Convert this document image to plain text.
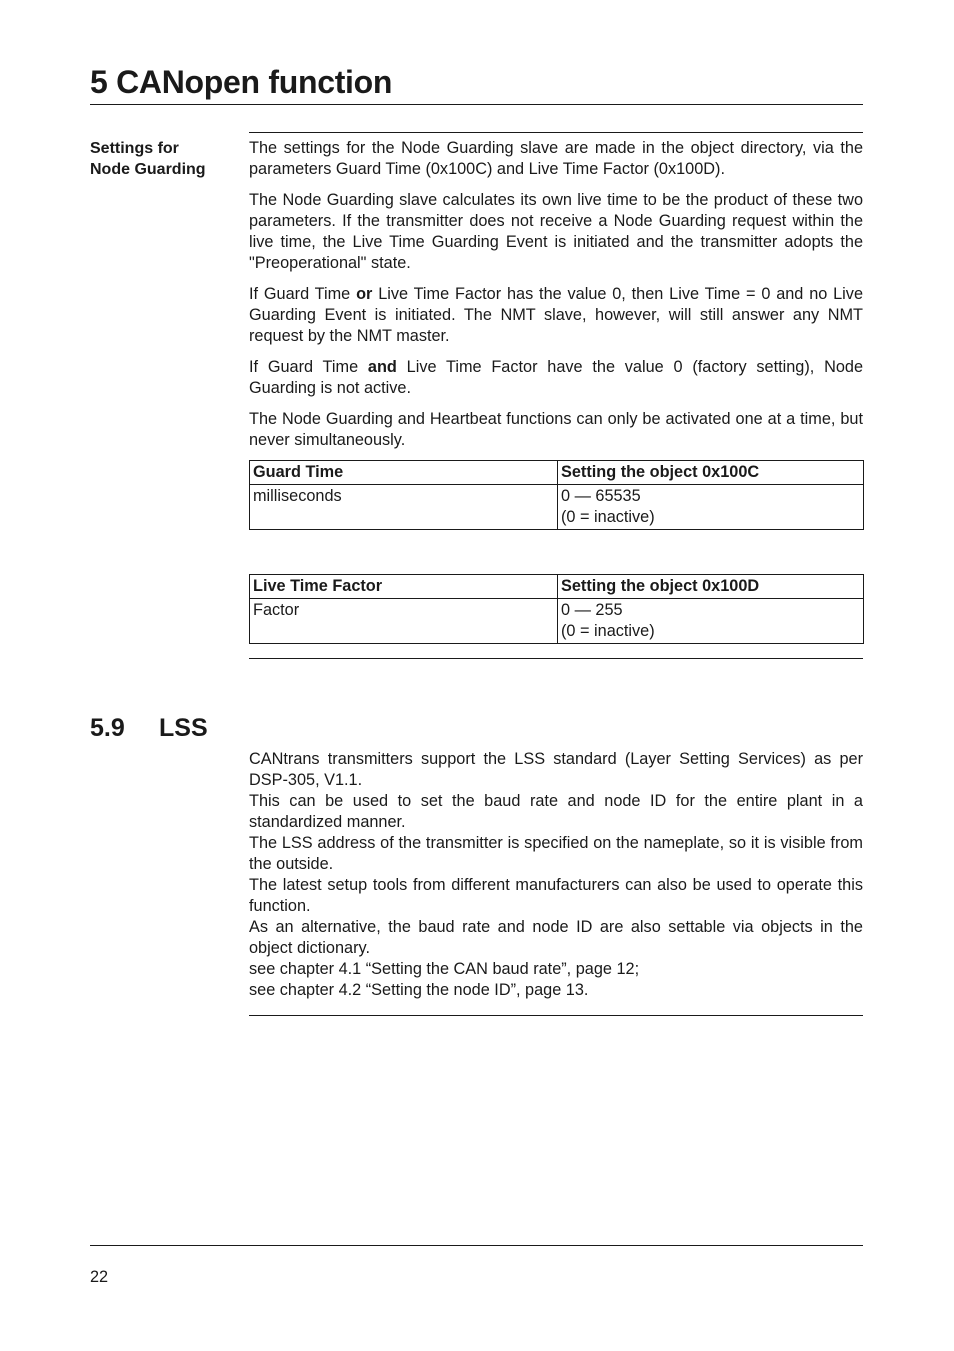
5 CANopen function
Settings for
Node Guarding

The settings for the Node Guarding slave are made in the object directory, via the parameters Guard Time (0x100C) and Live Time Factor (0x100D).

The Node Guarding slave calculates its own live time to be the product of these two parameters. If the transmitter does not receive a Node Guarding request within the live time, the Live Time Guarding Event is initiated and the transmitter adopts the "Preoperational" state.

If Guard Time or Live Time Factor has the value 0, then Live Time = 0 and no Live Guarding Event is initiated. The NMT slave, however, will still answer any NMT request by the NMT master.

If Guard Time and Live Time Factor have the value 0 (factory setting), Node Guarding is not active.

The Node Guarding and Heartbeat functions can only be activated one at a time, but never simultaneously.

Guard Time	Setting the object 0x100C
milliseconds	0 — 65535
(0 = inactive)
Live Time Factor	Setting the object 0x100D
Factor	0 — 255
(0 = inactive)
5.9 LSS

CANtrans transmitters support the LSS standard (Layer Setting Services) as per DSP-305, V1.1.

This can be used to set the baud rate and node ID for the entire plant in a standardized manner.

The LSS address of the transmitter is specified on the nameplate, so it is visible from the outside.

The latest setup tools from different manufacturers can also be used to operate this function.

As an alternative, the baud rate and node ID are also settable via objects in the object dictionary.

see chapter 4.1 “Setting the CAN baud rate”, page 12;

see chapter 4.2 “Setting the node ID”, page 13.

22
